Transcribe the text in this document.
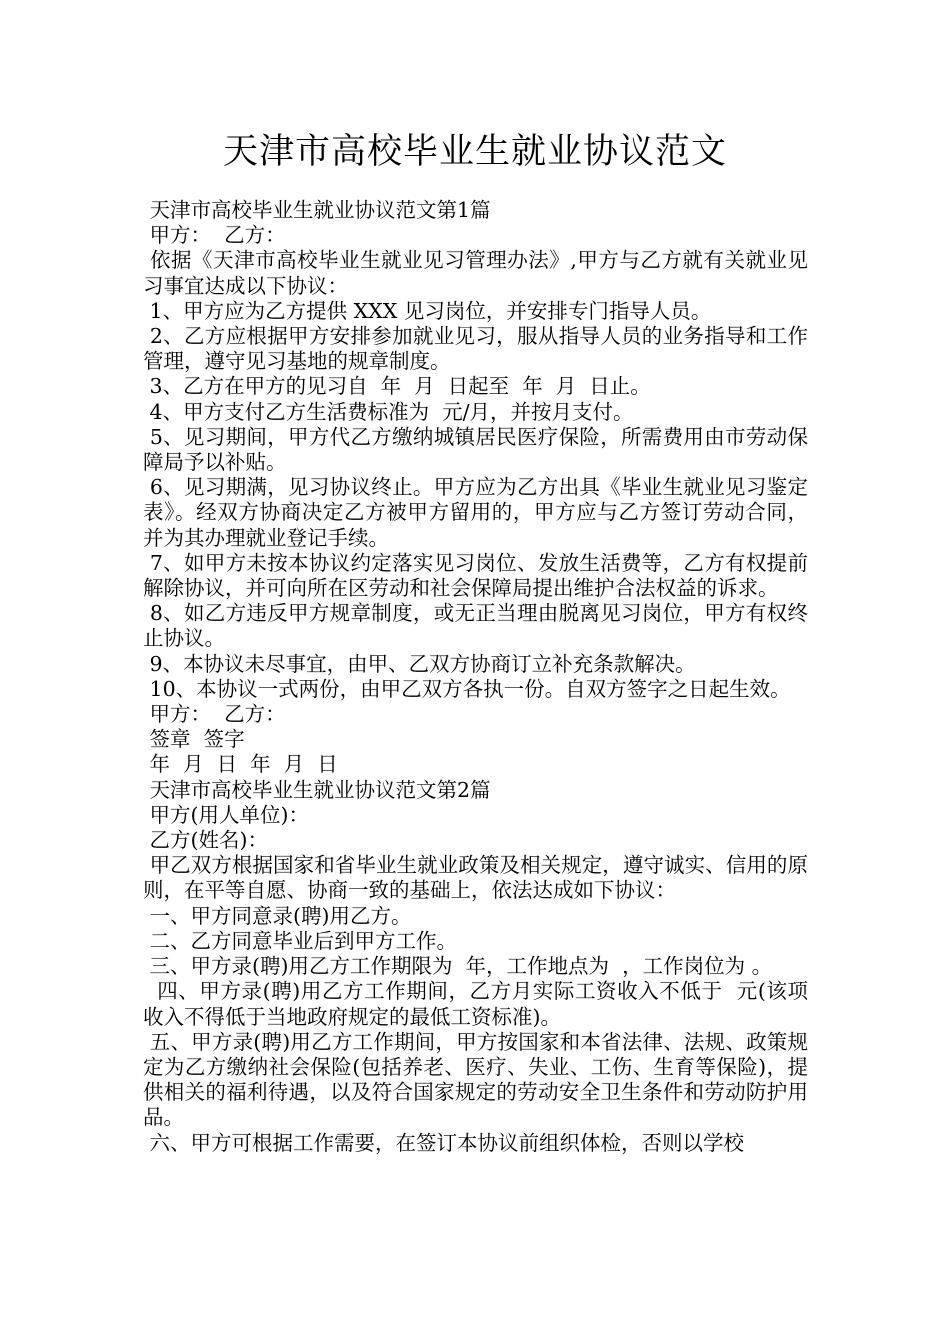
天津市高校毕业生就业协议范文

天津市高校毕业生就业协议范文第1篇

甲方：  乙方：

依据《天津市高校毕业生就业见习管理办法》,甲方与乙方就有关就业见习事宜达成以下协议：

1、甲方应为乙方提供 XXX 见习岗位，并安排专门指导人员。

2、乙方应根据甲方安排参加就业见习，服从指导人员的业务指导和工作管理，遵守见习基地的规章制度。

3、乙方在甲方的见习自  年  月  日起至  年  月  日止。

4、甲方支付乙方生活费标准为  元/月，并按月支付。

5、见习期间，甲方代乙方缴纳城镇居民医疗保险，所需费用由市劳动保障局予以补贴。

6、见习期满，见习协议终止。甲方应为乙方出具《毕业生就业见习鉴定表》。经双方协商决定乙方被甲方留用的，甲方应与乙方签订劳动合同，并为其办理就业登记手续。

7、如甲方未按本协议约定落实见习岗位、发放生活费等，乙方有权提前解除协议，并可向所在区劳动和社会保障局提出维护合法权益的诉求。

8、如乙方违反甲方规章制度，或无正当理由脱离见习岗位，甲方有权终止协议。

9、本协议未尽事宜，由甲、乙双方协商订立补充条款解决。

10、本协议一式两份，由甲乙双方各执一份。自双方签字之日起生效。

甲方：  乙方：

签章  签字

年  月  日  年  月  日

天津市高校毕业生就业协议范文第2篇

甲方(用人单位)：

乙方(姓名)：

甲乙双方根据国家和省毕业生就业政策及相关规定，遵守诚实、信用的原则，在平等自愿、协商一致的基础上，依法达成如下协议：

一、甲方同意录(聘)用乙方。

二、乙方同意毕业后到甲方工作。

三、甲方录(聘)用乙方工作期限为  年，工作地点为  ，工作岗位为 。

四、甲方录(聘)用乙方工作期间，乙方月实际工资收入不低于  元(该项收入不得低于当地政府规定的最低工资标准)。

五、甲方录(聘)用乙方工作期间，甲方按国家和本省法律、法规、政策规定为乙方缴纳社会保险(包括养老、医疗、失业、工伤、生育等保险)，提供相关的福利待遇，以及符合国家规定的劳动安全卫生条件和劳动防护用品。

六、甲方可根据工作需要，在签订本协议前组织体检，否则以学校
